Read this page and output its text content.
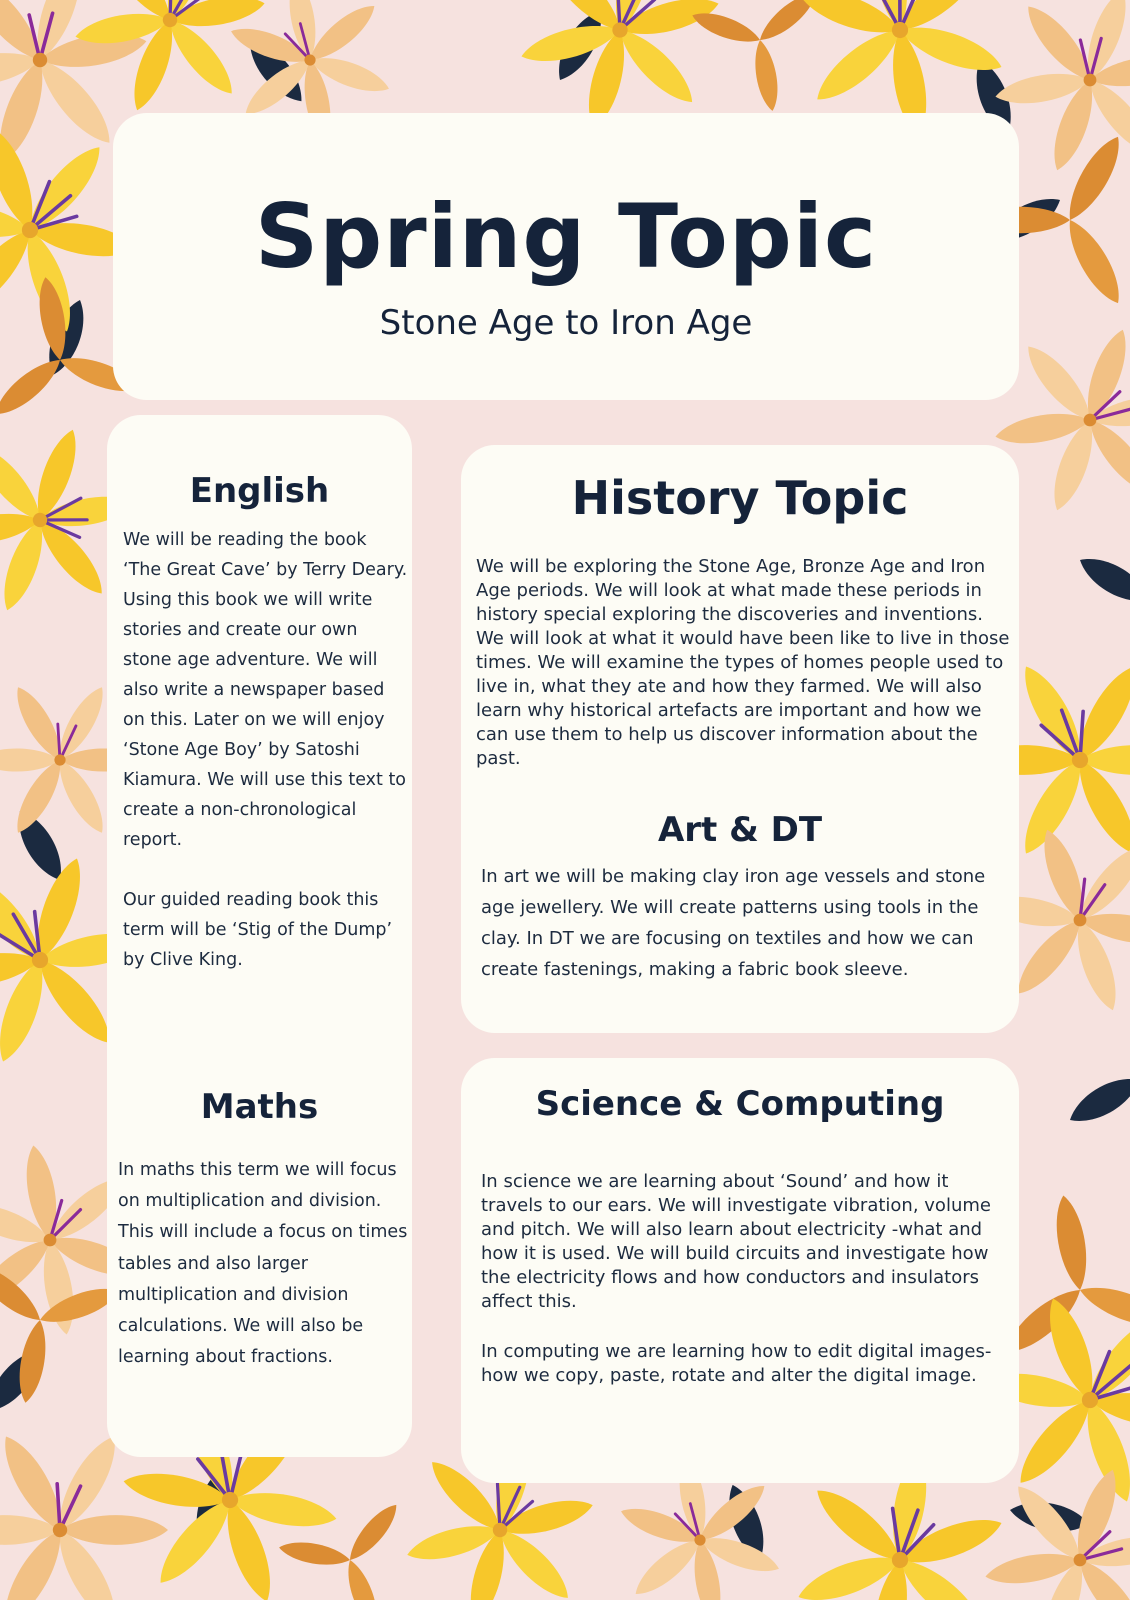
Spring Topic
Stone Age to Iron Age
English

We will be reading the book ‘The Great Cave’ by Terry Deary. Using this book we will write stories and create our own stone age adventure. We will also write a newspaper based on this. Later on we will enjoy ‘Stone Age Boy’ by Satoshi Kiamura. We will use this text to create a non-chronological report.

Our guided reading book this term will be ‘Stig of the Dump’ by Clive King.

Maths

In maths this term we will focus on multiplication and division. This will include a focus on times tables and also larger multiplication and division calculations. We will also be learning about fractions.

History Topic

We will be exploring the Stone Age, Bronze Age and Iron Age periods. We will look at what made these periods in history special exploring the discoveries and inventions. We will look at what it would have been like to live in those times. We will examine the types of homes people used to live in, what they ate and how they farmed. We will also learn why historical artefacts are important and how we can use them to help us discover information about the past.

Art & DT

In art we will be making clay iron age vessels and stone age jewellery. We will create patterns using tools in the clay. In DT we are focusing on textiles and how we can create fastenings, making a fabric book sleeve.

Science & Computing

In science we are learning about ‘Sound’ and how it travels to our ears. We will investigate vibration, volume and pitch. We will also learn about electricity -what and how it is used. We will build circuits and investigate how the electricity flows and how conductors and insulators affect this.

In computing we are learning how to edit digital images- how we copy, paste, rotate and alter the digital image.
